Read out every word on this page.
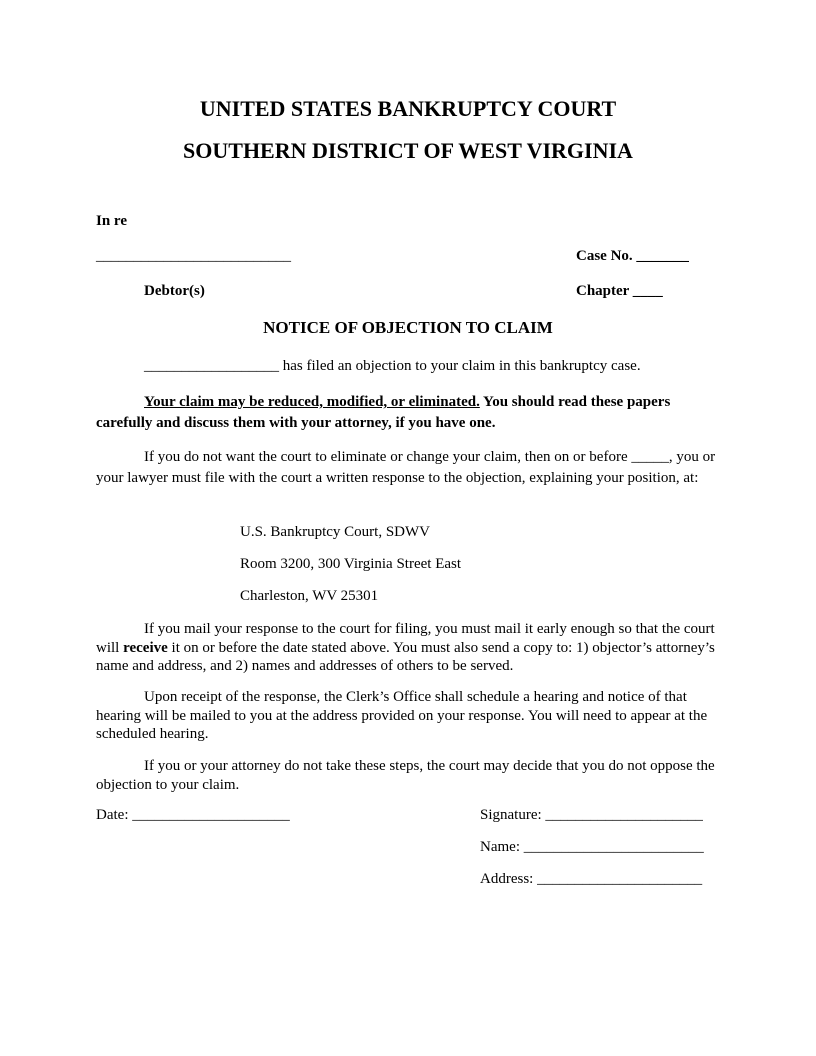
UNITED STATES BANKRUPTCY COURT
SOUTHERN DISTRICT OF WEST VIRGINIA
In re
__________________________	Case No. _______
Debtor(s)	Chapter ____
NOTICE OF OBJECTION TO CLAIM

__________________ has filed an objection to your claim in this bankruptcy case.

Your claim may be reduced, modified, or eliminated. You should read these papers carefully and discuss them with your attorney, if you have one.

If you do not want the court to eliminate or change your claim, then on or before _____, you or your lawyer must file with the court a written response to the objection, explaining your position, at:

U.S. Bankruptcy Court, SDWV
Room 3200, 300 Virginia Street East
Charleston, WV 25301

If you mail your response to the court for filing, you must mail it early enough so that the court will receive it on or before the date stated above. You must also send a copy to: 1) objector’s attorney’s name and address, and 2) names and addresses of others to be served.

Upon receipt of the response, the Clerk’s Office shall schedule a hearing and notice of that hearing will be mailed to you at the address provided on your response. You will need to appear at the scheduled hearing.

If you or your attorney do not take these steps, the court may decide that you do not oppose the objection to your claim.

Date: _____________________	Signature: _____________________
Name: ________________________
Address: ______________________
